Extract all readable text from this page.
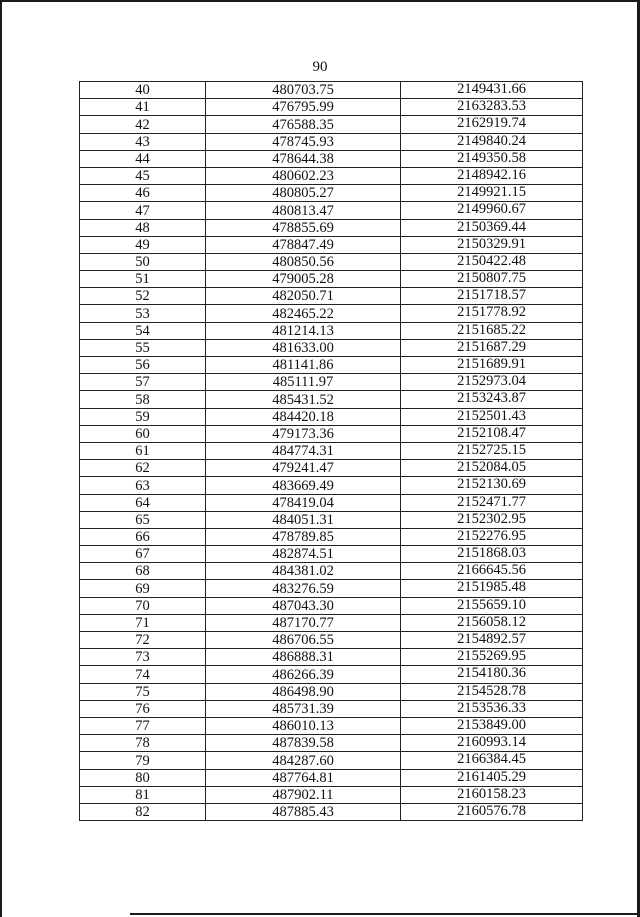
90
40	480703.75	2149431.66
41	476795.99	2163283.53
42	476588.35	2162919.74
43	478745.93	2149840.24
44	478644.38	2149350.58
45	480602.23	2148942.16
46	480805.27	2149921.15
47	480813.47	2149960.67
48	478855.69	2150369.44
49	478847.49	2150329.91
50	480850.56	2150422.48
51	479005.28	2150807.75
52	482050.71	2151718.57
53	482465.22	2151778.92
54	481214.13	2151685.22
55	481633.00	2151687.29
56	481141.86	2151689.91
57	485111.97	2152973.04
58	485431.52	2153243.87
59	484420.18	2152501.43
60	479173.36	2152108.47
61	484774.31	2152725.15
62	479241.47	2152084.05
63	483669.49	2152130.69
64	478419.04	2152471.77
65	484051.31	2152302.95
66	478789.85	2152276.95
67	482874.51	2151868.03
68	484381.02	2166645.56
69	483276.59	2151985.48
70	487043.30	2155659.10
71	487170.77	2156058.12
72	486706.55	2154892.57
73	486888.31	2155269.95
74	486266.39	2154180.36
75	486498.90	2154528.78
76	485731.39	2153536.33
77	486010.13	2153849.00
78	487839.58	2160993.14
79	484287.60	2166384.45
80	487764.81	2161405.29
81	487902.11	2160158.23
82	487885.43	2160576.78
